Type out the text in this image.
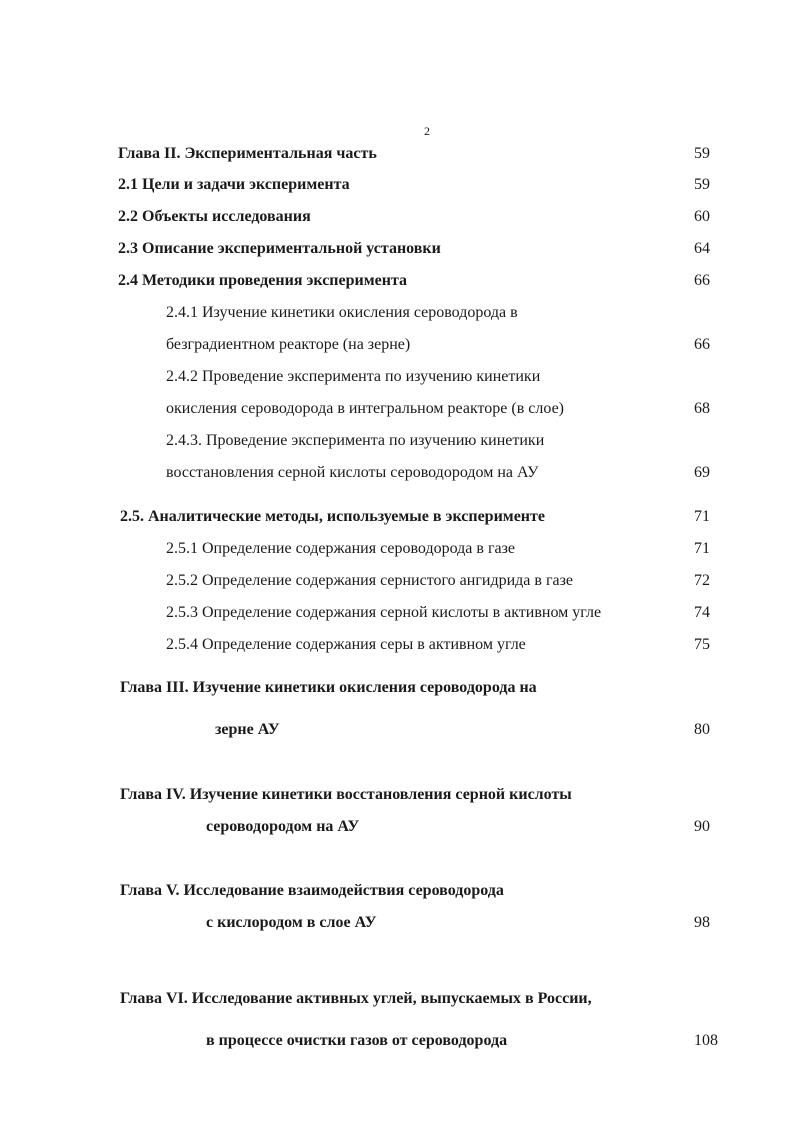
2
Глава II. Экспериментальная часть	59
2.1 Цели и задачи эксперимента	59
2.2 Объекты исследования	60
2.3 Описание экспериментальной установки	64
2.4 Методики проведения эксперимента	66
2.4.1 Изучение кинетики окисления сероводорода в
безградиентном реакторе (на зерне)	66
2.4.2 Проведение эксперимента по изучению кинетики
окисления сероводорода в интегральном реакторе (в слое)	68
2.4.3. Проведение эксперимента по изучению кинетики
восстановления серной кислоты сероводородом на АУ	69
2.5. Аналитические методы, используемые в эксперименте	71
2.5.1 Определение содержания сероводорода в газе	71
2.5.2 Определение содержания сернистого ангидрида в газе	72
2.5.3 Определение содержания серной кислоты в активном угле	74
2.5.4 Определение содержания серы в активном угле	75
Глава III. Изучение кинетики окисления сероводорода на
зерне АУ	80
Глава IV. Изучение кинетики восстановления серной кислоты
сероводородом на АУ	90
Глава V. Исследование взаимодействия сероводорода
с кислородом в слое АУ	98
Глава VI. Исследование активных углей, выпускаемых в России,
в процессе очистки газов от сероводорода	108
